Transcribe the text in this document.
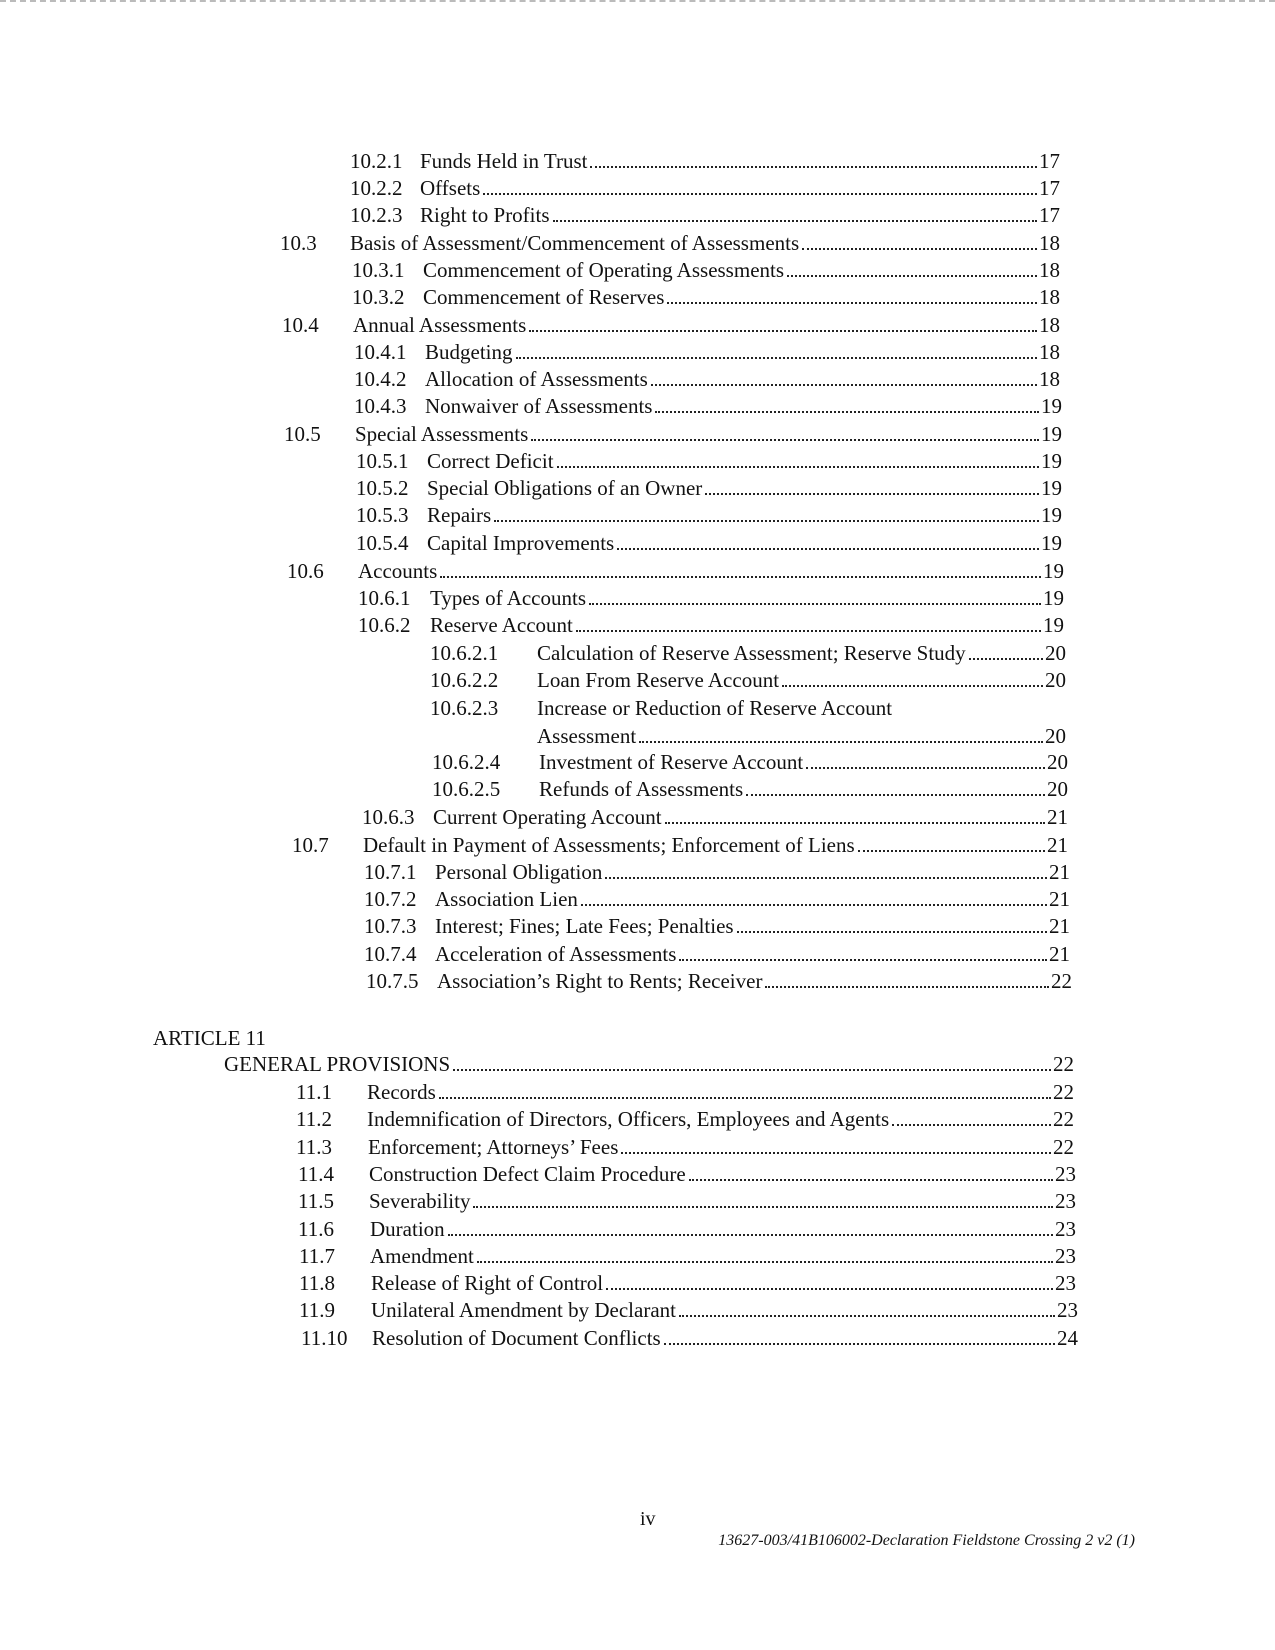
10.2.1 Funds Held in Trust	17
10.2.2 Offsets	17
10.2.3 Right to Profits	17
10.3	Basis of Assessment/Commencement of Assessments	18
10.3.1 Commencement of Operating Assessments	18
10.3.2 Commencement of Reserves	18
10.4	Annual Assessments	18
10.4.1 Budgeting	18
10.4.2 Allocation of Assessments	18
10.4.3 Nonwaiver of Assessments	19
10.5	Special Assessments	19
10.5.1 Correct Deficit	19
10.5.2 Special Obligations of an Owner	19
10.5.3 Repairs	19
10.5.4 Capital Improvements	19
10.6	Accounts	19
10.6.1 Types of Accounts	19
10.6.2 Reserve Account	19
10.6.2.1	Calculation of Reserve Assessment; Reserve Study	20
10.6.2.2	Loan From Reserve Account	20
10.6.2.3	Increase or Reduction of Reserve Account
Assessment	20
10.6.2.4	Investment of Reserve Account	20
10.6.2.5	Refunds of Assessments	20
10.6.3 Current Operating Account	21
10.7	Default in Payment of Assessments; Enforcement of Liens	21
10.7.1 Personal Obligation	21
10.7.2 Association Lien	21
10.7.3 Interest; Fines; Late Fees; Penalties	21
10.7.4 Acceleration of Assessments	21
10.7.5 Association’s Right to Rents; Receiver	22
ARTICLE 11
GENERAL PROVISIONS	22
11.1	Records	22
11.2	Indemnification of Directors, Officers, Employees and Agents	22
11.3	Enforcement; Attorneys’ Fees	22
11.4	Construction Defect Claim Procedure	23
11.5	Severability	23
11.6	Duration	23
11.7	Amendment	23
11.8	Release of Right of Control	23
11.9	Unilateral Amendment by Declarant	23
11.10	Resolution of Document Conflicts	24
iv
13627-003/41B106002-Declaration Fieldstone Crossing 2 v2 (1)
